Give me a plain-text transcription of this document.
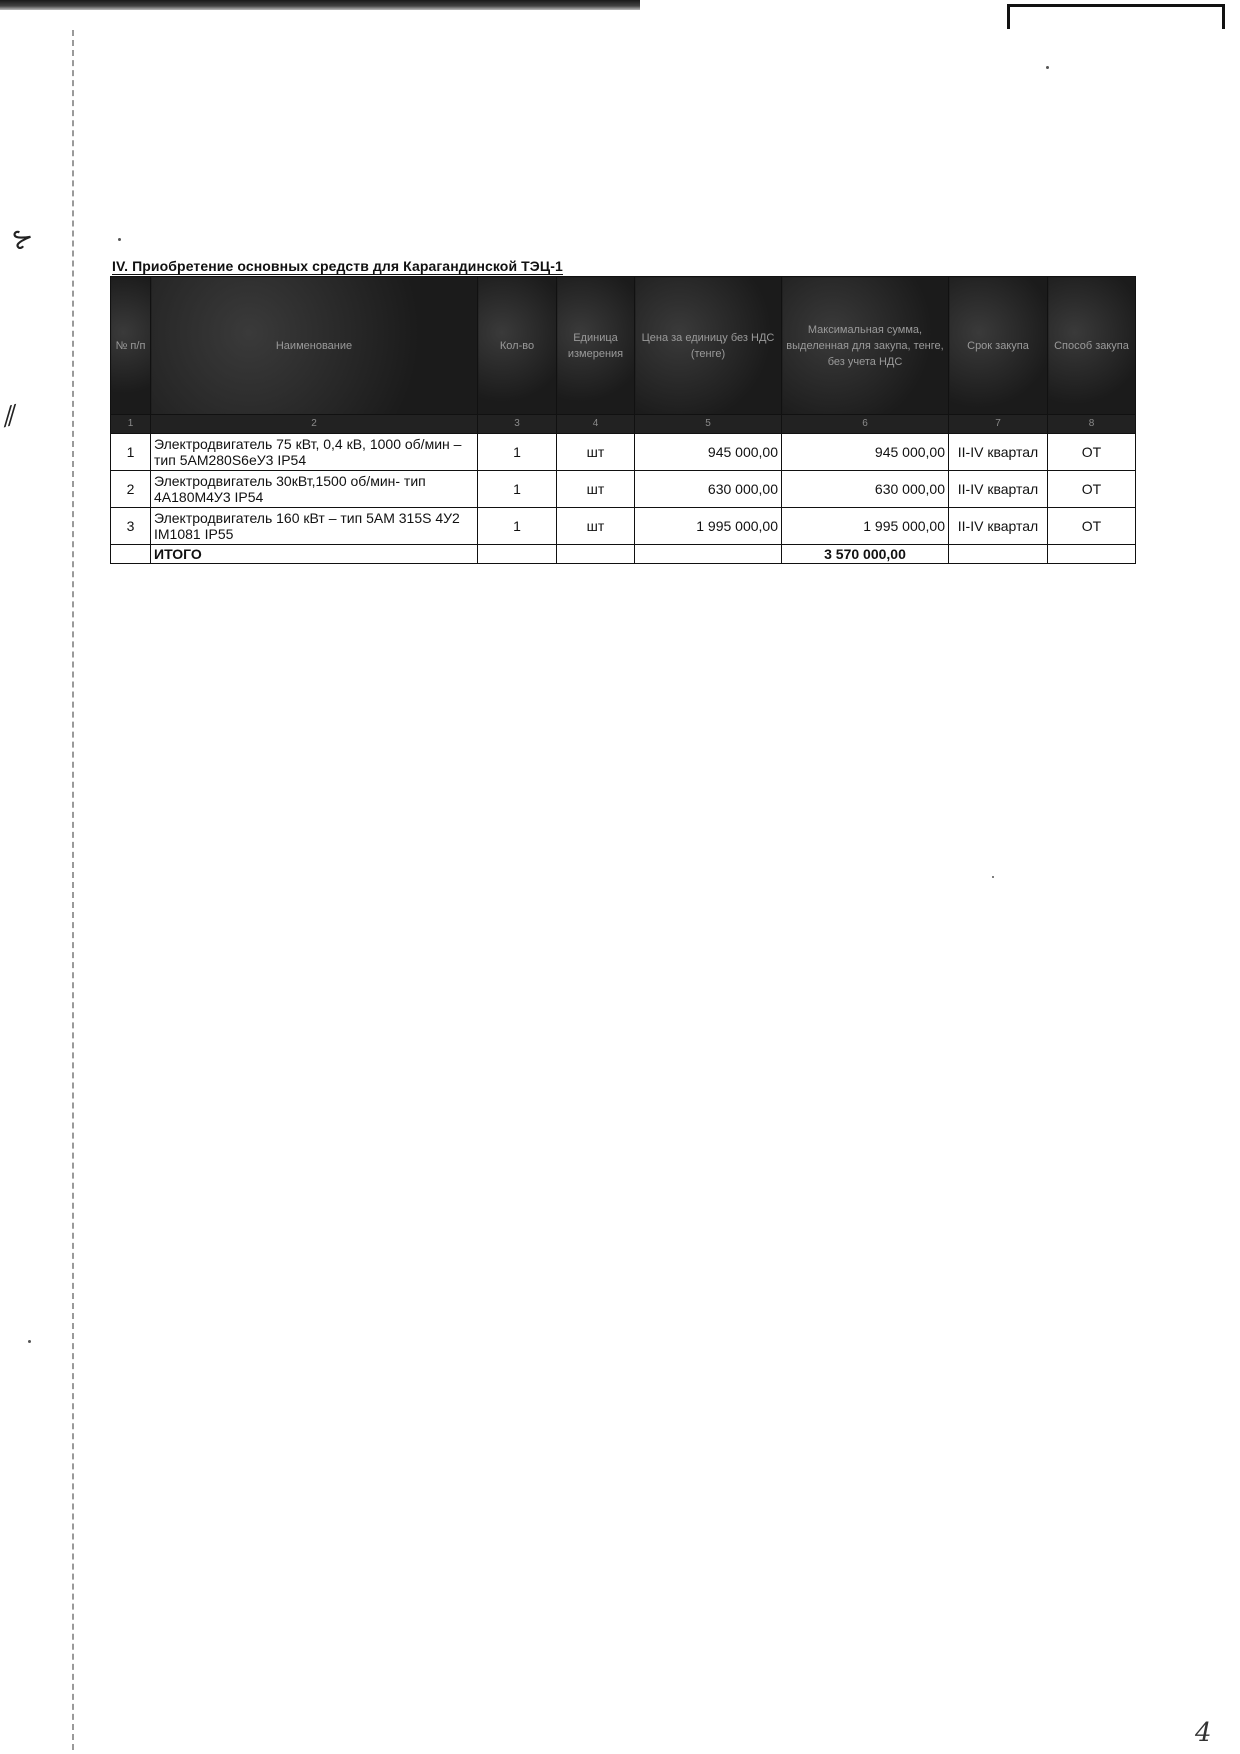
⊱
⁄⁄
IV. Приобретение основных средств для Карагандинской ТЭЦ-1
№ п/п	Наименование	Кол-во	Единица измерения	Цена за единицу без НДС (тенге)	Максимальная сумма, выделенная для закупа, тенге, без учета НДС	Срок закупа	Способ закупа
1	2	3	4	5	6	7	8
1	Электродвигатель 75 кВт, 0,4 кВ, 1000 об/мин – тип 5АМ280S6eУ3 IP54	1	шт	945 000,00	945 000,00	II-IV квартал	ОТ
2	Электродвигатель 30кВт,1500 об/мин- тип 4А180М4У3 IP54	1	шт	630 000,00	630 000,00	II-IV квартал	ОТ
3	Электродвигатель 160 кВт – тип 5АМ 315S 4У2 IM1081 IP55	1	шт	1 995 000,00	1 995 000,00	II-IV квартал	ОТ
	ИТОГО				3 570 000,00		
4
